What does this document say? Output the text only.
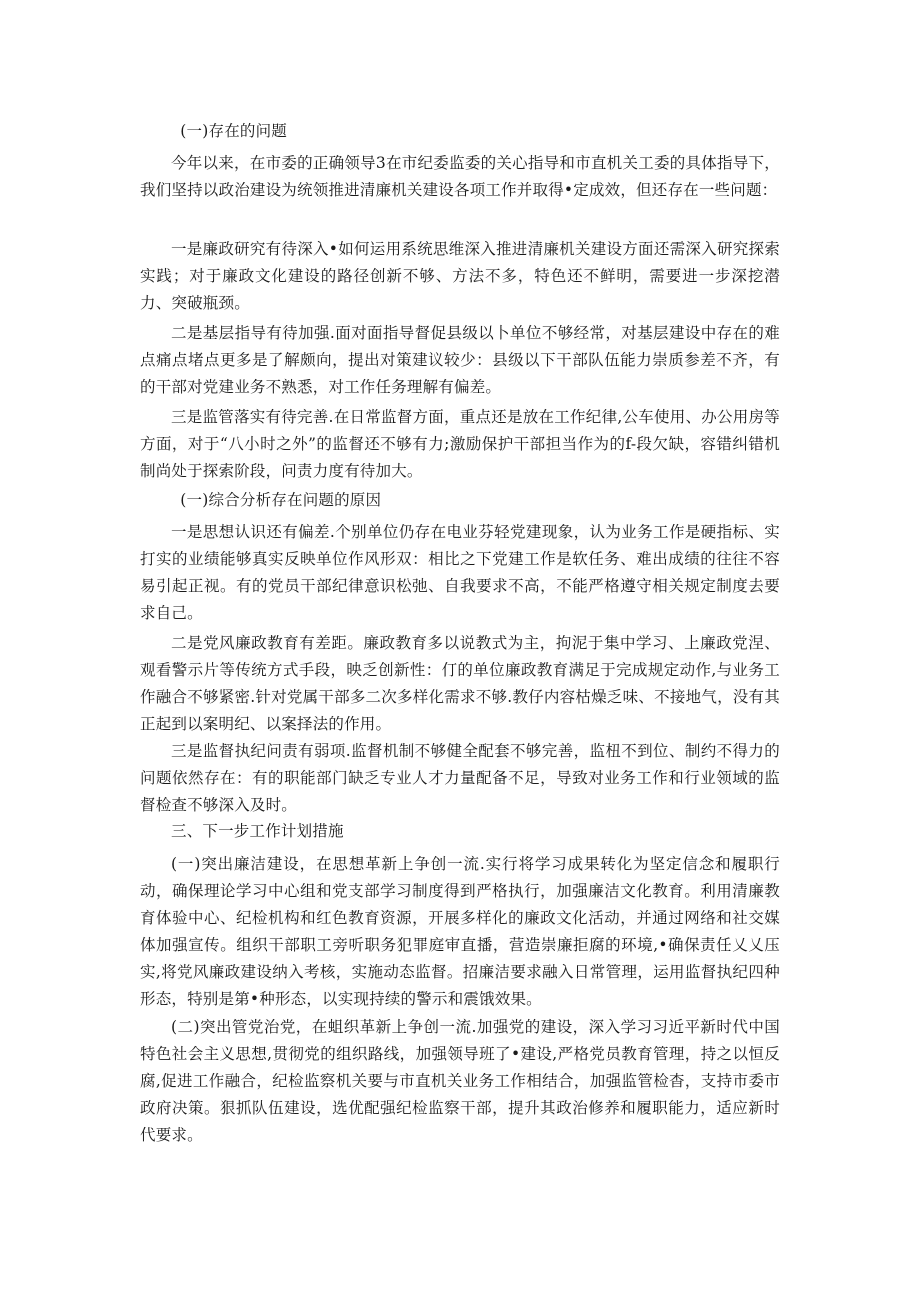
(一)存在的问题

今年以来，在市委的正确领导3在市纪委监委的关心指导和市直机关工委的具体指导下，我们坚持以政治建设为统领推进清廉机关建设各项工作并取得•定成效，但还存在一些问题：

一是廉政研究有待深入•如何运用系统思维深入推进清廉机关建设方面还需深入研究探索实践；对于廉政文化建设的路径创新不够、方法不多，特色还不鲜明，需要进一步深挖潜力、突破瓶颈。

二是基层指导有待加强.面对面指导督促县级以卜单位不够经常，对基层建设中存在的难点痛点堵点更多是了解颇向，提出对策建议较少：县级以下干部队伍能力崇质参差不齐，有的干部对党建业务不熟悉，对工作任务理解有偏差。

三是监管落实有待完善.在日常监督方面，重点还是放在工作纪律,公车使用、办公用房等方面，对于“八小时之外”的监督还不够有力;激励保护干部担当作为的f-段欠缺，容错纠错机制尚处于探索阶段，问责力度有待加大。

(一)综合分析存在问题的原因

一是思想认识还有偏差.个别单位仍存在电业芬轻党建现象，认为业务工作是硬指标、实打实的业绩能够真实反映单位作风形双：相比之下党建工作是软任务、难出成绩的往往不容易引起正视。有的党员干部纪律意识松弛、自我要求不高，不能严格遵守相关规定制度去要求自己。

二是党风廉政教育有差距。廉政教育多以说教式为主，拘泥于集中学习、上廉政党涅、观看警示片等传统方式手段，映乏创新性：仃的单位廉政教育满足于完成规定动作,与业务工作融合不够紧密.针对党属干部多二次多样化需求不够.教仔内容枯燥乏味、不接地气，没有其正起到以案明纪、以案择法的作用。

三是监督执纪问责有弱项.监督机制不够健全配套不够完善，监杻不到位、制约不得力的问题依然存在：有的职能部门缺乏专业人才力量配备不足，导致对业务工作和行业领域的监督检查不够深入及时。

三、下一步工作计划措施

(一)突出廉洁建设，在思想革新上争创一流.实行将学习成果转化为坚定信念和履职行动，确保理论学习中心组和党支部学习制度得到严格执行，加强廉洁文化教育。利用清廉教育体验中心、纪检机构和红色教育资源，开展多样化的廉政文化活动，并通过网络和社交媒体加强宣传。组织干部职工旁听职务犯罪庭审直播，营造崇廉拒腐的环境,•确保责任乂乂压实,将党风廉政建设纳入考核，实施动态监督。招廉洁要求融入日常管理，运用监督执纪四种形态，特别是第•种形态，以实现持续的警示和震饿效果。

(二)突出管党治党，在蛆织革新上争创一流.加强党的建设，深入学习习近平新时代中国特色社会主义思想,贯彻党的组织路线，加强领导班了•建设,严格党员教育管理，持之以恒反腐,促进工作融合，纪检监察机关要与市直机关业务工作相结合，加强监管检杳，支持市委市政府决策。狠抓队伍建设，选优配强纪检监察干部，提升其政治修养和履职能力，适应新时代要求。
